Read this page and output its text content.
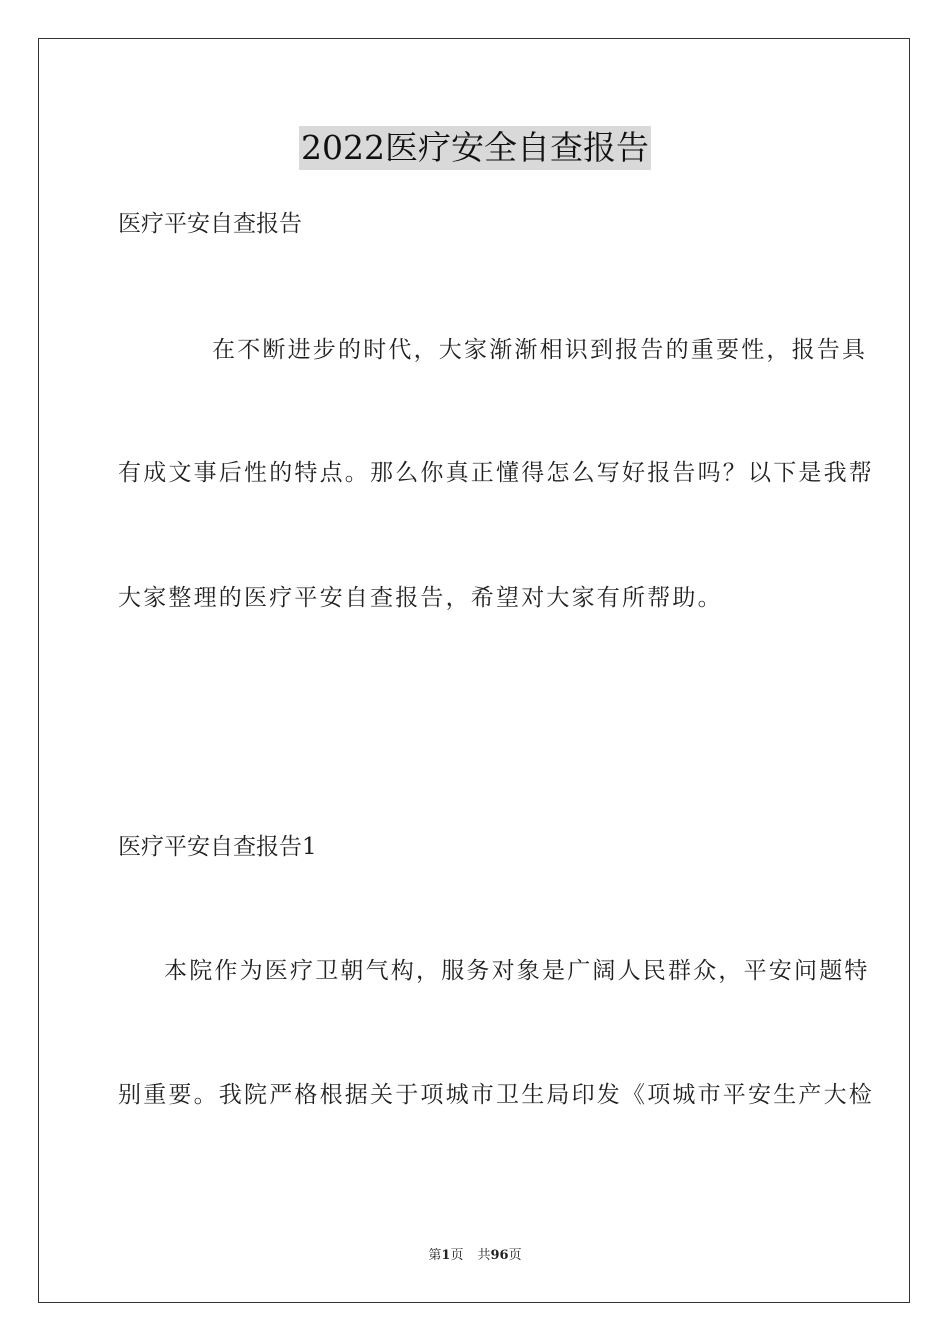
2022医疗安全自查报告
医疗平安自查报告
在不断进步的时代，大家渐渐相识到报告的重要性，报告具
有成文事后性的特点。那么你真正懂得怎么写好报告吗？以下是我帮
大家整理的医疗平安自查报告，希望对大家有所帮助。
医疗平安自查报告1
本院作为医疗卫朝气构，服务对象是广阔人民群众，平安问题特
别重要。我院严格根据关于项城市卫生局印发《项城市平安生产大检
第1页 共96页
